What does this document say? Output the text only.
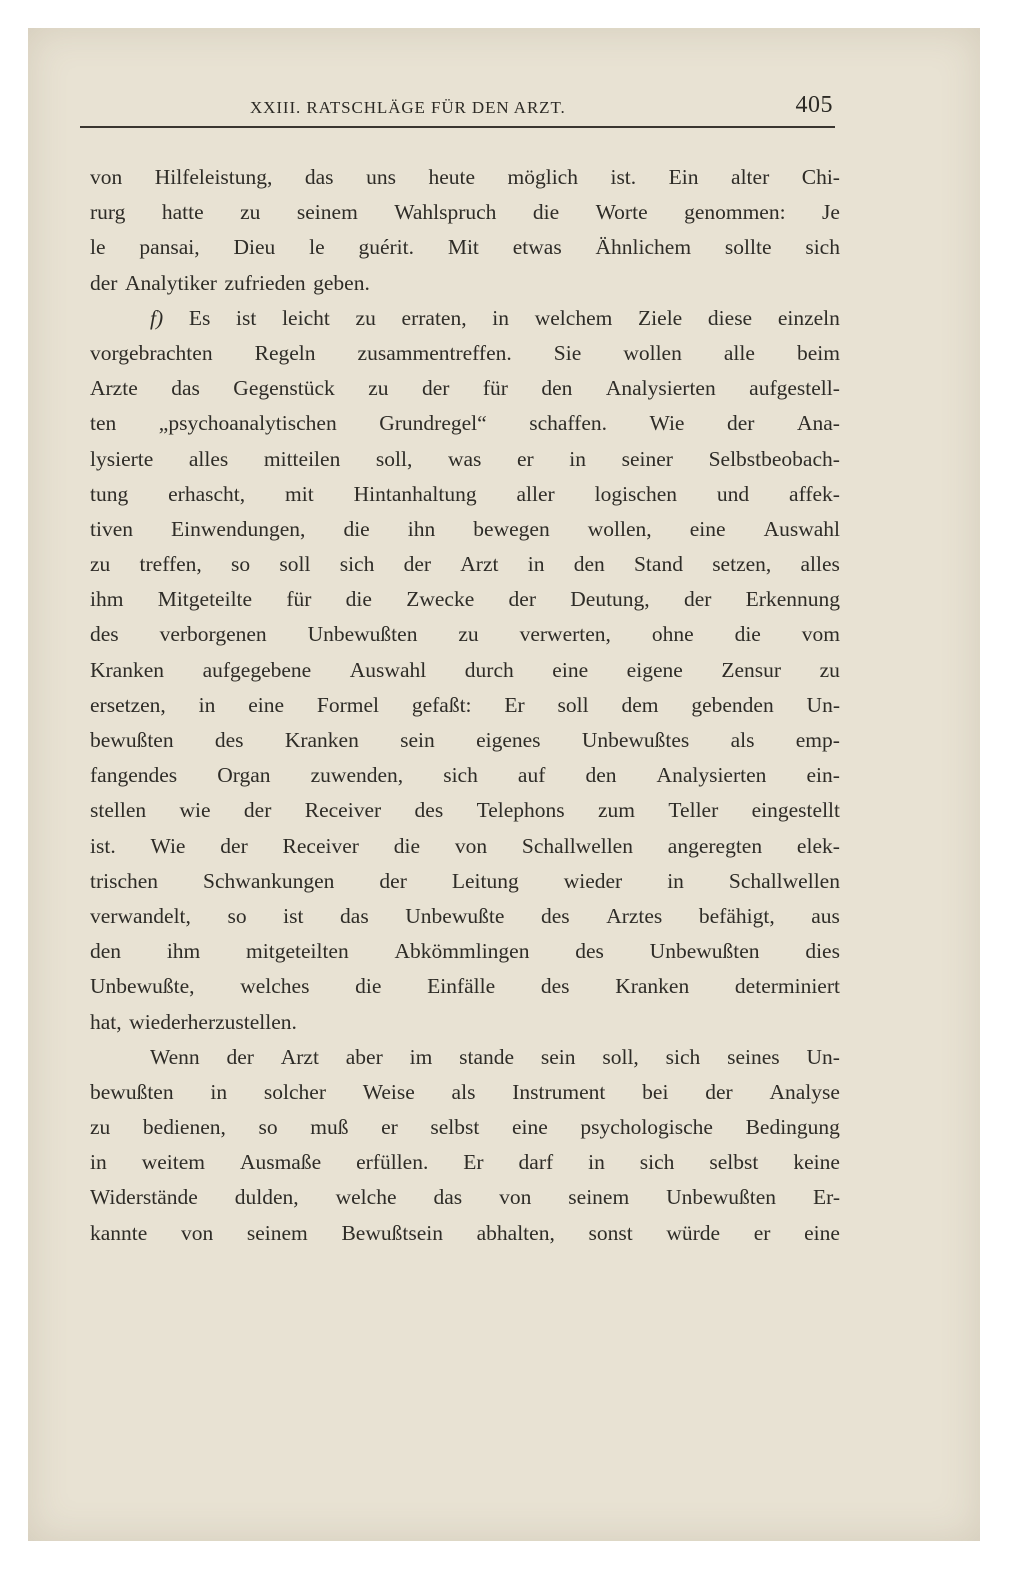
XXIII. RATSCHLÄGE FÜR DEN ARZT.	405
von Hilfeleistung, das uns heute möglich ist. Ein alter Chi-
rurg hatte zu seinem Wahlspruch die Worte genommen: Je
le pansai, Dieu le guérit. Mit etwas Ähnlichem sollte sich
der Analytiker zufrieden geben.
f) Es ist leicht zu erraten, in welchem Ziele diese einzeln
vorgebrachten Regeln zusammentreffen. Sie wollen alle beim
Arzte das Gegenstück zu der für den Analysierten aufgestell-
ten „psychoanalytischen Grundregel“ schaffen. Wie der Ana-
lysierte alles mitteilen soll, was er in seiner Selbstbeobach-
tung erhascht, mit Hintanhaltung aller logischen und affek-
tiven Einwendungen, die ihn bewegen wollen, eine Auswahl
zu treffen, so soll sich der Arzt in den Stand setzen, alles
ihm Mitgeteilte für die Zwecke der Deutung, der Erkennung
des verborgenen Unbewußten zu verwerten, ohne die vom
Kranken aufgegebene Auswahl durch eine eigene Zensur zu
ersetzen, in eine Formel gefaßt: Er soll dem gebenden Un-
bewußten des Kranken sein eigenes Unbewußtes als emp-
fangendes Organ zuwenden, sich auf den Analysierten ein-
stellen wie der Receiver des Telephons zum Teller eingestellt
ist. Wie der Receiver die von Schallwellen angeregten elek-
trischen Schwankungen der Leitung wieder in Schallwellen
verwandelt, so ist das Unbewußte des Arztes befähigt, aus
den ihm mitgeteilten Abkömmlingen des Unbewußten dies
Unbewußte, welches die Einfälle des Kranken determiniert
hat, wiederherzustellen.
Wenn der Arzt aber im stande sein soll, sich seines Un-
bewußten in solcher Weise als Instrument bei der Analyse
zu bedienen, so muß er selbst eine psychologische Bedingung
in weitem Ausmaße erfüllen. Er darf in sich selbst keine
Widerstände dulden, welche das von seinem Unbewußten Er-
kannte von seinem Bewußtsein abhalten, sonst würde er eine
